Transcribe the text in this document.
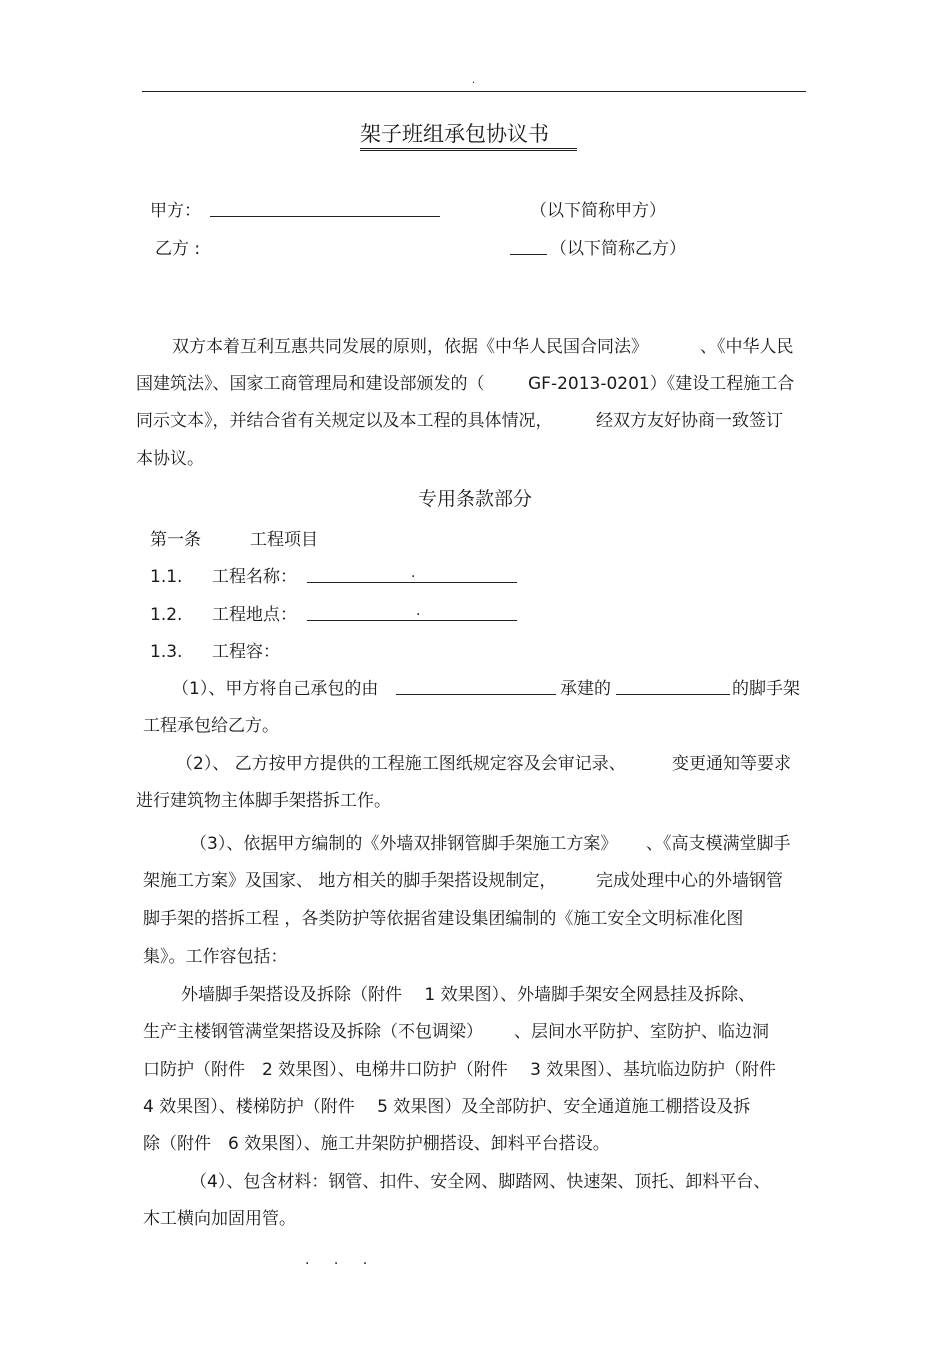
.
架子班组承包协议书
甲方：	（以下简称甲方）
乙方 :	（以下简称乙方）
双方本着互利互惠共同发展的原则，依据《中华人民国合同法》	、《中华人民
国建筑法》、国家工商管理局和建设部颁发的（	GF-2013-0201）《建设工程施工合
同示文本》，并结合省有关规定以及本工程的具体情况，	经双方友好协商一致签订
本协议。
专用条款部分
第一条	工程项目
1.1. 工程名称：	.
1.2. 工程地点：	.
1.3. 工程容：
（1）、甲方将自己承包的由	承建的	的脚手架
工程承包给乙方。
（2）、 乙方按甲方提供的工程施工图纸规定容及会审记录、	变更通知等要求
进行建筑物主体脚手架搭拆工作。
（3）、依据甲方编制的《外墙双排钢管脚手架施工方案》 、《高支模满堂脚手
架施工方案》及国家、 地方相关的脚手架搭设规制定， 完成处理中心的外墙钢管
脚手架的搭拆工程 ，各类防护等依据省建设集团编制的《施工安全文明标准化图
集》。工作容包括：
外墙脚手架搭设及拆除（附件　 1 效果图）、外墙脚手架安全网悬挂及拆除、
生产主楼钢管满堂架搭设及拆除（不包调梁） 、层间水平防护、室防护、临边洞
口防护（附件　2 效果图）、电梯井口防护（附件　 3 效果图）、基坑临边防护（附件
4 效果图）、楼梯防护（附件　 5 效果图）及全部防护、安全通道施工棚搭设及拆
除（附件　6 效果图）、施工井架防护棚搭设、卸料平台搭设。
（4）、包含材料：钢管、扣件、安全网、脚踏网、快速架、顶托、卸料平台、
木工横向加固用管。
. . .
